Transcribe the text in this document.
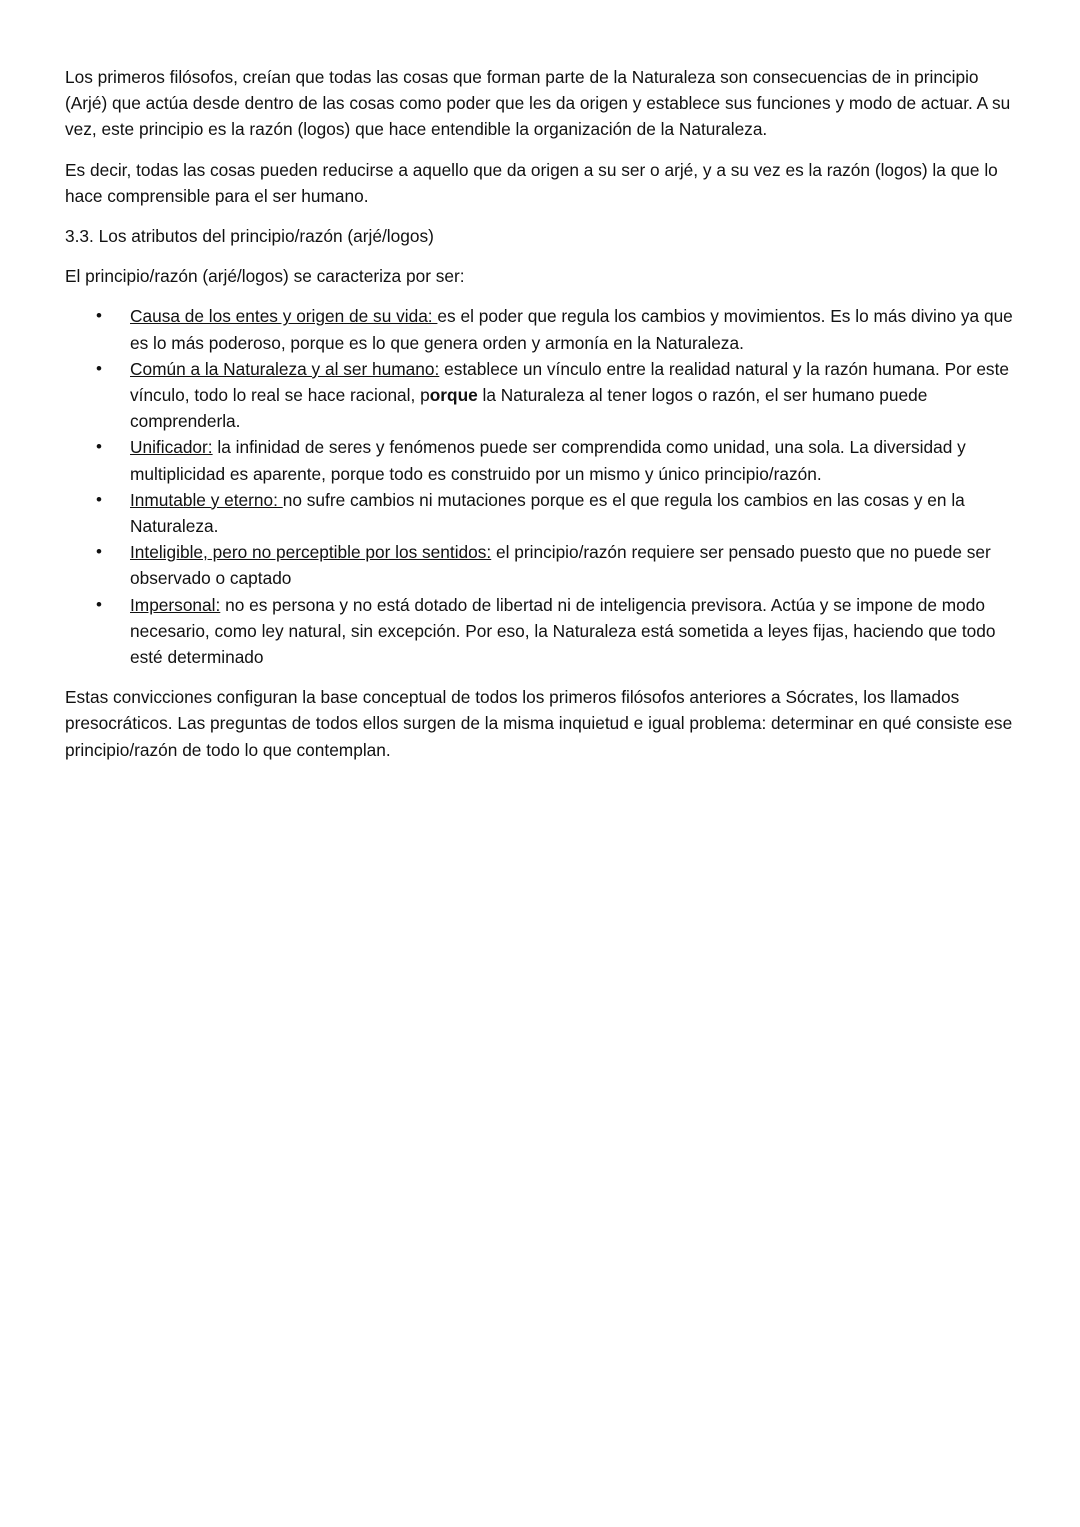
Los primeros filósofos, creían que todas las cosas que forman parte de la Naturaleza son consecuencias de in principio (Arjé) que actúa desde dentro de las cosas como poder que les da origen y establece sus funciones y modo de actuar. A su vez, este principio es la razón (logos) que hace entendible la organización de la Naturaleza.

Es decir, todas las cosas pueden reducirse a aquello que da origen a su ser o arjé, y a su vez es la razón (logos) la que lo hace comprensible para el ser humano.

3.3. Los atributos del principio/razón (arjé/logos)

El principio/razón (arjé/logos) se caracteriza por ser:

• Causa de los entes y origen de su vida: es el poder que regula los cambios y movimientos. Es lo más divino ya que es lo más poderoso, porque es lo que genera orden y armonía en la Naturaleza.
• Común a la Naturaleza y al ser humano: establece un vínculo entre la realidad natural y la razón humana. Por este vínculo, todo lo real se hace racional, porque la Naturaleza al tener logos o razón, el ser humano puede comprenderla.
• Unificador: la infinidad de seres y fenómenos puede ser comprendida como unidad, una sola. La diversidad y multiplicidad es aparente, porque todo es construido por un mismo y único principio/razón.
• Inmutable y eterno: no sufre cambios ni mutaciones porque es el que regula los cambios en las cosas y en la Naturaleza.
• Inteligible, pero no perceptible por los sentidos: el principio/razón requiere ser pensado puesto que no puede ser observado o captado
• Impersonal: no es persona y no está dotado de libertad ni de inteligencia previsora. Actúa y se impone de modo necesario, como ley natural, sin excepción. Por eso, la Naturaleza está sometida a leyes fijas, haciendo que todo esté determinado

Estas convicciones configuran la base conceptual de todos los primeros filósofos anteriores a Sócrates, los llamados presocráticos. Las preguntas de todos ellos surgen de la misma inquietud e igual problema: determinar en qué consiste ese principio/razón de todo lo que contemplan.
